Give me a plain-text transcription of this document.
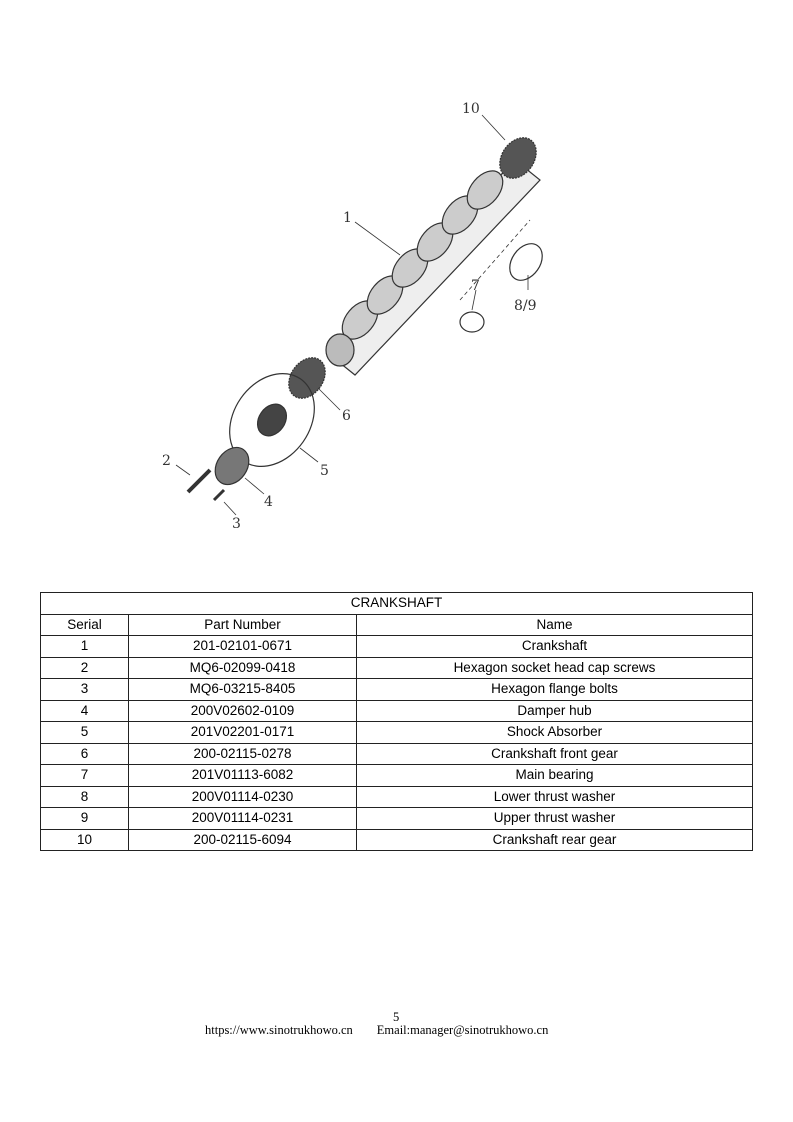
10
1
7
8/9
6
5
2
4
3
CRANKSHAFT		
Serial	Part Number	Name
1	201-02101-0671	Crankshaft
2	MQ6-02099-0418	Hexagon socket head cap screws
3	MQ6-03215-8405	Hexagon flange bolts
4	200V02602-0109	Damper hub
5	201V02201-0171	Shock Absorber
6	200-02115-0278	Crankshaft front gear
7	201V01113-6082	Main bearing
8	200V01114-0230	Lower thrust washer
9	200V01114-0231	Upper thrust washer
10	200-02115-6094	Crankshaft rear gear
5
https://www.sinotrukhowo.cn Email:manager@sinotrukhowo.cn
